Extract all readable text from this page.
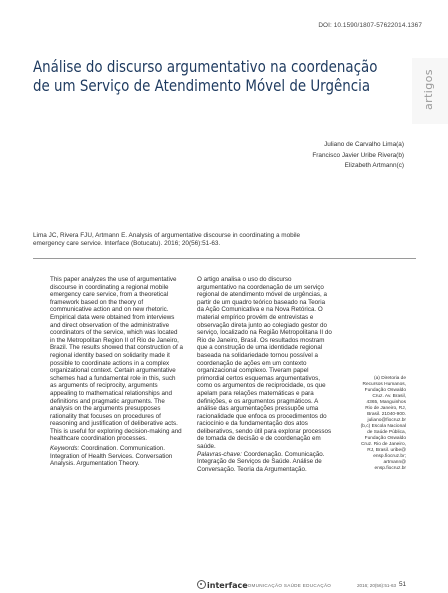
DOI: 10.1590/1807-57622014.1367
artigos
Análise do discurso argumentativo na coordenação
de um Serviço de Atendimento Móvel de Urgência
Juliano de Carvalho Lima(a)
Francisco Javier Uribe Rivera(b)
Elizabeth Artmann(c)
Lima JC, Rivera FJU, Artmann E. Analysis of argumentative discourse in coordinating a mobile emergency care service. Interface (Botucatu). 2016; 20(56):51-63.

This paper analyzes the use of argumentative discourse in coordinating a regional mobile emergency care service, from a theoretical framework based on the theory of communicative action and on new rhetoric. Empirical data were obtained from interviews and direct observation of the administrative coordinators of the service, which was located in the Metropolitan Region II of Rio de Janeiro, Brazil. The results showed that construction of a regional identity based on solidarity made it possible to coordinate actions in a complex organizational context. Certain argumentative schemes had a fundamental role in this, such as arguments of reciprocity, arguments appealing to mathematical relationships and definitions and pragmatic arguments. The analysis on the arguments presupposes rationality that focuses on procedures of reasoning and justification of deliberative acts. This is useful for exploring decision-making and healthcare coordination processes.

Keywords: Coordination. Communication. Integration of Health Services. Conversation Analysis. Argumentation Theory.

O artigo analisa o uso do discurso argumentativo na coordenação de um serviço regional de atendimento móvel de urgências, a partir de um quadro teórico baseado na Teoria da Ação Comunicativa e na Nova Retórica. O material empírico provém de entrevistas e observação direta junto ao colegiado gestor do serviço, localizado na Região Metropolitana II do Rio de Janeiro, Brasil. Os resultados mostram que a construção de uma identidade regional baseada na solidariedade tornou possível a coordenação de ações em um contexto organizacional complexo. Tiveram papel primordial certos esquemas argumentativos, como os argumentos de reciprocidade, os que apelam para relações matemáticas e para definições, e os argumentos pragmáticos. A análise das argumentações pressupõe uma racionalidade que enfoca os procedimentos do raciocínio e da fundamentação dos atos deliberativos, sendo útil para explorar processos de tomada de decisão e de coordenação em saúde.

Palavras-chave: Coordenação. Comunicação. Integração de Serviços de Saúde. Análise de Conversação. Teoria da Argumentação.

(a) Diretoria de
Recursos Humanos,
Fundação Oswaldo
Cruz. Av. Brasil,
4365, Manguinhos
Rio de Janeiro, RJ,
Brasil. 21040-900.
juliano@fiocruz.br
(b,c) Escola Nacional
de Saúde Pública,
Fundação Oswaldo
Cruz. Rio de Janeiro,
RJ, Brasil. uribe@
ensp.fiocruz.br;
artmann@
ensp.fiocruz.br
interface
COMUNICAÇÃO SAÚDE EDUCAÇÃO	2016; 20(56):51-63 51
